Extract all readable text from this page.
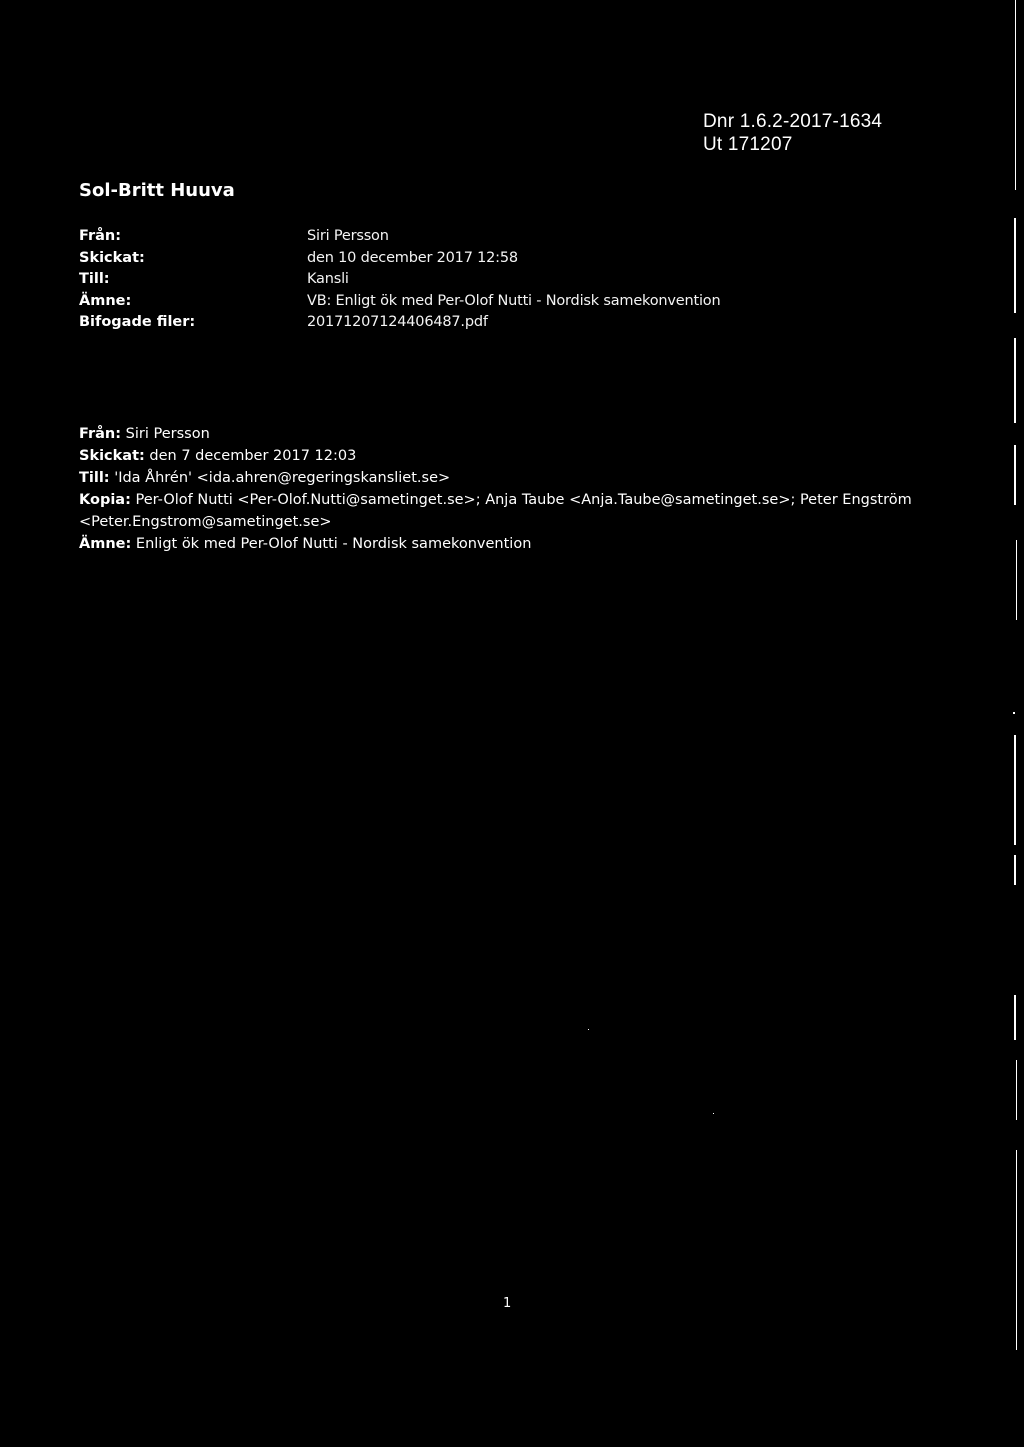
Dnr 1.6.2-2017-1634
Ut 171207
Sol-Britt Huuva
Från:	Siri Persson
Skickat:	den 10 december 2017 12:58
Till:	Kansli
Ämne:	VB: Enligt ök med Per-Olof Nutti - Nordisk samekonvention
Bifogade filer:	20171207124406487.pdf
Från: Siri Persson
Skickat: den 7 december 2017 12:03
Till: 'Ida Åhrén' <ida.ahren@regeringskansliet.se>
Kopia: Per-Olof Nutti <Per-Olof.Nutti@sametinget.se>; Anja Taube <Anja.Taube@sametinget.se>; Peter Engström
<Peter.Engstrom@sametinget.se>
Ämne: Enligt ök med Per-Olof Nutti - Nordisk samekonvention
1
